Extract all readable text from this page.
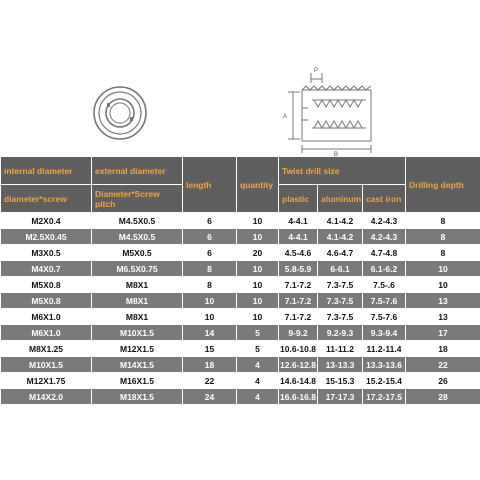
P
A
B
internal diameter	external diameter	length	quantity	Twist drill size			Drilling depth
diameter*screw	Diameter*Screw pitch			plastic	aluminum	cast iron	
M2X0.4	M4.5X0.5	6	10	4-4.1	4.1-4.2	4.2-4.3	8
M2.5X0.45	M4.5X0.5	6	10	4-4.1	4.1-4.2	4.2-4.3	8
M3X0.5	M5X0.5	6	20	4.5-4.6	4.6-4.7	4.7-4.8	8
M4X0.7	M6.5X0.75	8	10	5.8-5.9	6-6.1	6.1-6.2	10
M5X0.8	M8X1	8	10	7.1-7.2	7.3-7.5	7.5-.6	10
M5X0.8	M8X1	10	10	7.1-7.2	7.3-7.5	7.5-7.6	13
M6X1.0	M8X1	10	10	7.1-7.2	7.3-7.5	7.5-7.6	13
M6X1.0	M10X1.5	14	5	9-9.2	9.2-9.3	9.3-9.4	17
M8X1.25	M12X1.5	15	5	10.6-10.8	11-11.2	11.2-11.4	18
M10X1.5	M14X1.5	18	4	12.6-12.8	13-13.3	13.3-13.6	22
M12X1.75	M16X1.5	22	4	14.6-14.8	15-15.3	15.2-15.4	26
M14X2.0	M18X1.5	24	4	16.6-16.8	17-17.3	17.2-17.5	28
